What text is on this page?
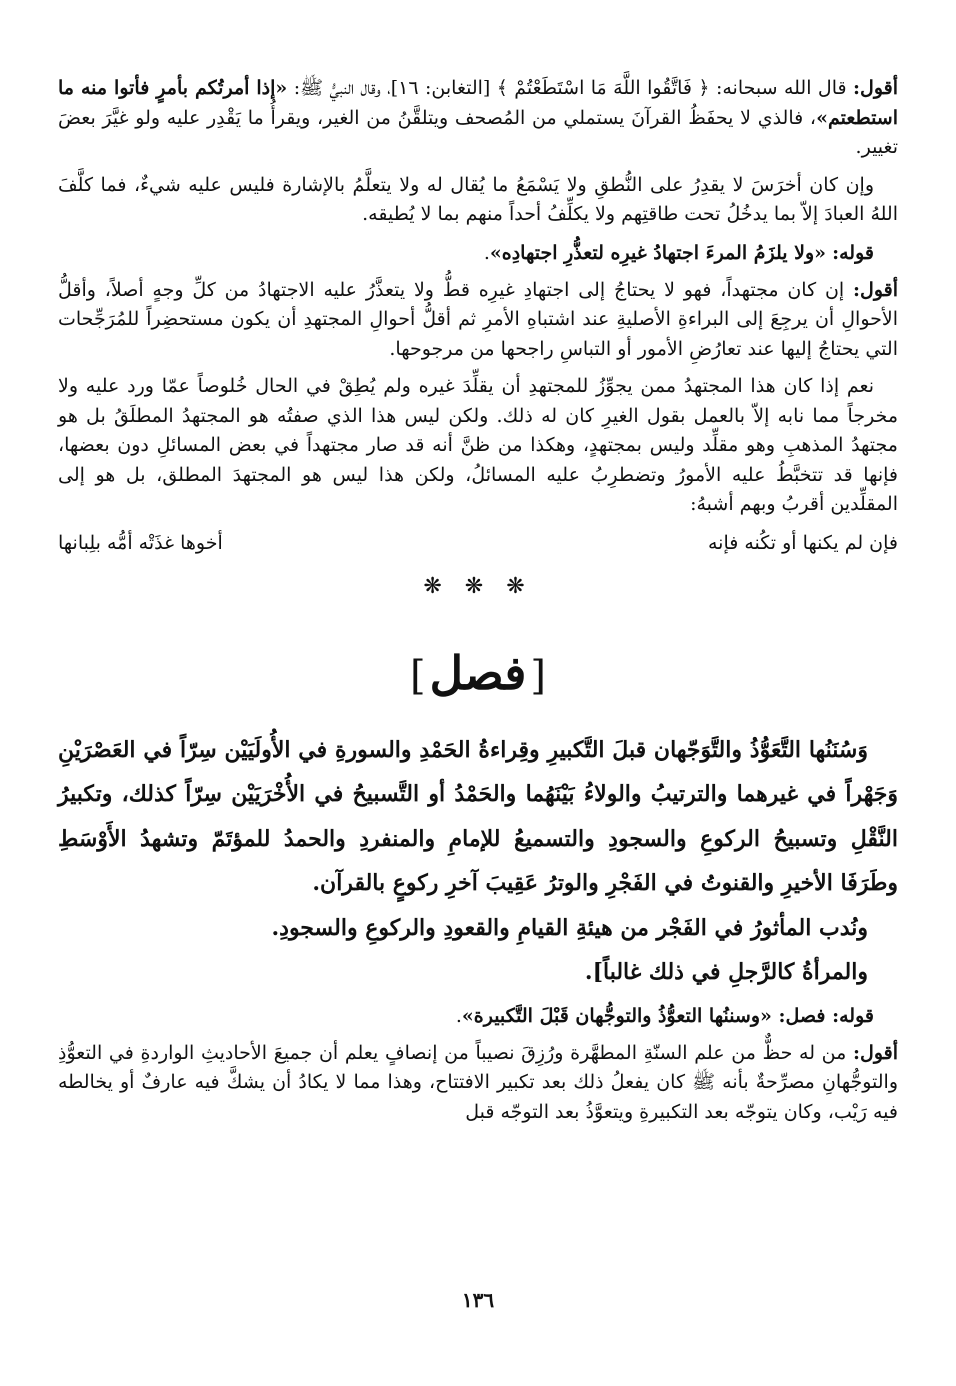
أقول: قال الله سبحانه: ﴿ فَاتَّقُوا اللَّهَ مَا اسْتَطَعْتُمْ ﴾ [التغابن: ١٦]، وقال النبيُّ ﷺ: «إذا أمرتُكم بأمرٍ فأتوا منه ما استطعتم»، فالذي لا يحفَظُ القرآنَ يستملي من المُصحف ويتلقَّنُ من الغير، ويقرأُ ما يَقْدِر عليه ولو غيَّرَ بعضَ تغيير.

وإن كان أخرَسَ لا يقدِرُ على النُّطقِ ولا يَسْمَعُ ما يُقال له ولا يتعلَّمُ بالإشارة فليس عليه شيءٌ، فما كلَّفَ اللهُ العبادَ إلاّ بما يدخُلُ تحت طاقتِهم ولا يكلِّفُ أحداً منهم بما لا يُطيقه.

قوله: «ولا يلزَمُ المرءَ اجتهادُ غيرِه لتعذُّرِ اجتهادِه».

أقول: إن كان مجتهداً، فهو لا يحتاجُ إلى اجتهادِ غيرِه قطُّ ولا يتعذَّرُ عليه الاجتهادُ من كلِّ وجهٍ أصلاً، وأقلُّ الأحوالِ أن يرجِعَ إلى البراءةِ الأصليةِ عند اشتباهِ الأمرِ ثم أقلُّ أحوالِ المجتهدِ أن يكون مستحضِراً للمُرَجِّحات التي يحتاجُ إليها عند تعارُضِ الأمور أو التباسِ راجحها من مرجوحها.

نعم إذا كان هذا المجتهدُ ممن يجوِّزُ للمجتهدِ أن يقلِّدَ غيره ولم يُطِقْ في الحال خُلوصاً عمّا ورد عليه ولا مخرجاً مما نابه إلاّ بالعمل بقول الغيرِ كان له ذلك. ولكن ليس هذا الذي صفتُه هو المجتهدُ المطلَقُ بل هو مجتهدُ المذهبِ وهو مقلِّد وليس بمجتهدٍ، وهكذا من ظنَّ أنه قد صار مجتهداً في بعض المسائلِ دون بعضها، فإنها قد تتخبَّطُ عليه الأمورُ وتضطرِبُ عليه المسائلُ، ولكن هذا ليس هو المجتهدَ المطلق، بل هو إلى المقلِّدين أقربُ وبهم أشبهُ:

فإن لم يكنها أو تكُنه فإنه
أخوها غذَتْه أمُّه بلِبانها
❋ ❋ ❋
[فصل]

وَسُنَنُها التَّعَوُّذُ والتَّوَجّهان قبلَ التَّكبيرِ وقِراءةُ الحَمْدِ والسورةِ في الأُولَيَيْن سِرّاً في العَصْرَيْنِ وَجَهْراً في غيرهما والترتيبُ والولاءُ بَيْنَهُما والحَمْدُ أو التَّسبيحُ في الأُخْرَيَيْن سِرّاً كذلك، وتكبيرُ النَّقْلِ وتسبيحُ الركوعِ والسجودِ والتسميعُ للإمامِ والمنفردِ والحمدُ للمؤتَمّ وتشهدُ الأَوْسَطِ وطَرَفَا الأخيرِ والقنوتُ في الفَجْرِ والوترُ عَقِيبَ آخرِ ركوعٍ بالقرآن.

ونُدب المأثورُ في الفَجْر من هيئةِ القيامِ والقعودِ والركوعِ والسجودِ.

والمرأةُ كالرَّجلِ في ذلك غالباً].

قوله: فصل: «وسننُها التعوُّذُ والتوجُّهان قَبْلَ التَّكبيرة».

أقول: من له حظٌّ من علم السنّةِ المطهَّرة ورُزِقَ نصيباً من إنصافٍ يعلم أن جميعَ الأحاديثِ الواردةِ في التعوُّذِ والتوجُّهانِ مصرِّحةٌ بأنه ﷺ كان يفعلُ ذلك بعد تكبير الافتتاح، وهذا مما لا يكادُ أن يشكَّ فيه عارفٌ أو يخالطه فيه رَيْب، وكان يتوجّه بعد التكبيرةِ ويتعوَّذُ بعد التوجّه قبل

١٣٦
